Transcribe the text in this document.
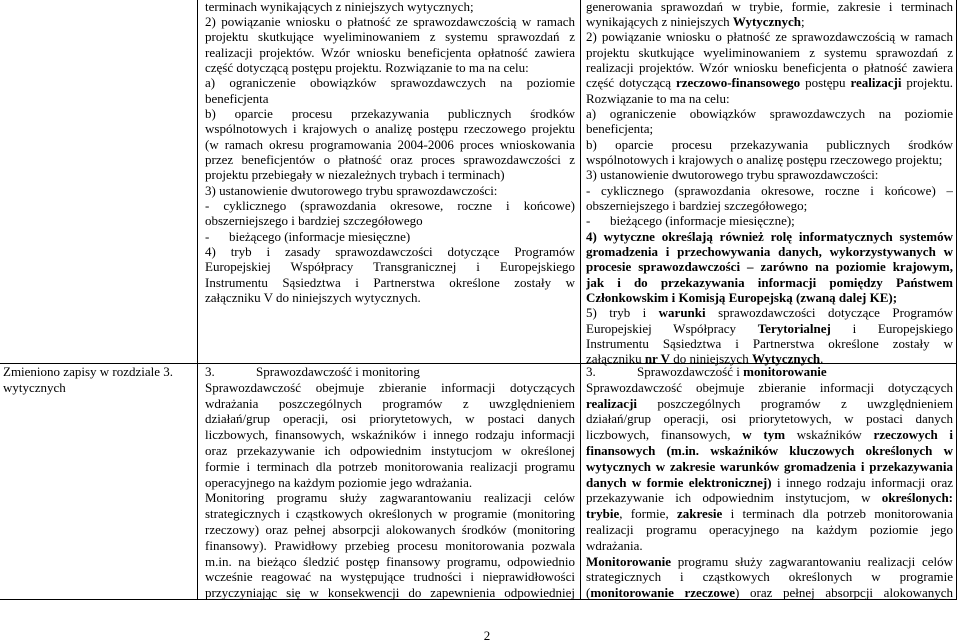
terminach wynikających z niniejszych wytycznych;
2) powiązanie wniosku o płatność ze sprawozdawczością w ramach
projektu skutkujące wyeliminowaniem z systemu sprawozdań z
realizacji projektów. Wzór wniosku beneficjenta opłatność zawiera
część dotyczącą postępu projektu. Rozwiązanie to ma na celu:
a) ograniczenie obowiązków sprawozdawczych na poziomie
beneficjenta
b) oparcie procesu przekazywania publicznych środków
wspólnotowych i krajowych o analizę postępu rzeczowego projektu
(w ramach okresu programowania 2004-2006 proces wnioskowania
przez beneficjentów o płatność oraz proces sprawozdawczości z
projektu przebiegały w niezależnych trybach i terminach)
3) ustanowienie dwutorowego trybu sprawozdawczości:
- cyklicznego (sprawozdania okresowe, roczne i końcowe)
obszerniejszego i bardziej szczegółowego
- bieżącego (informacje miesięczne)
4) tryb i zasady sprawozdawczości dotyczące Programów
Europejskiej Współpracy Transgranicznej i Europejskiego
Instrumentu Sąsiedztwa i Partnerstwa określone zostały w
załączniku V do niniejszych wytycznych.
generowania sprawozdań w trybie, formie, zakresie i terminach
wynikających z niniejszych Wytycznych;
2) powiązanie wniosku o płatność ze sprawozdawczością w ramach
projektu skutkujące wyeliminowaniem z systemu sprawozdań z
realizacji projektów. Wzór wniosku beneficjenta o płatność zawiera
część dotyczącą rzeczowo-finansowego postępu realizacji projektu.
Rozwiązanie to ma na celu:
a) ograniczenie obowiązków sprawozdawczych na poziomie
beneficjenta;
b) oparcie procesu przekazywania publicznych środków
wspólnotowych i krajowych o analizę postępu rzeczowego projektu;
3) ustanowienie dwutorowego trybu sprawozdawczości:
- cyklicznego (sprawozdania okresowe, roczne i końcowe) –
obszerniejszego i bardziej szczegółowego;
- bieżącego (informacje miesięczne);
4) wytyczne określają również rolę informatycznych systemów
gromadzenia i przechowywania danych, wykorzystywanych w
procesie sprawozdawczości – zarówno na poziomie krajowym,
jak i do przekazywania informacji pomiędzy Państwem
Członkowskim i Komisją Europejską (zwaną dalej KE);
5) tryb i warunki sprawozdawczości dotyczące Programów
Europejskiej Współpracy Terytorialnej i Europejskiego
Instrumentu Sąsiedztwa i Partnerstwa określone zostały w
załączniku nr V do niniejszych Wytycznych.
Zmieniono zapisy w rozdziale 3.
wytycznych
3.	Sprawozdawczość i monitoring
Sprawozdawczość obejmuje zbieranie informacji dotyczących
wdrażania poszczególnych programów z uwzględnieniem
działań/grup operacji, osi priorytetowych, w postaci danych
liczbowych, finansowych, wskaźników i innego rodzaju informacji
oraz przekazywanie ich odpowiednim instytucjom w określonej
formie i terminach dla potrzeb monitorowania realizacji programu
operacyjnego na każdym poziomie jego wdrażania.
Monitoring programu służy zagwarantowaniu realizacji celów
strategicznych i cząstkowych określonych w programie (monitoring
rzeczowy) oraz pełnej absorpcji alokowanych środków (monitoring
finansowy). Prawidłowy przebieg procesu monitorowania pozwala
m.in. na bieżąco śledzić postęp finansowy programu, odpowiednio
wcześnie reagować na występujące trudności i nieprawidłowości
przyczyniając się w konsekwencji do zapewnienia odpowiedniej
3.	Sprawozdawczość i monitorowanie
Sprawozdawczość obejmuje zbieranie informacji dotyczących
realizacji poszczególnych programów z uwzględnieniem
działań/grup operacji, osi priorytetowych, w postaci danych
liczbowych, finansowych, w tym wskaźników rzeczowych i
finansowych (m.in. wskaźników kluczowych określonych w
wytycznych w zakresie warunków gromadzenia i przekazywania
danych w formie elektronicznej) i innego rodzaju informacji oraz
przekazywanie ich odpowiednim instytucjom, w określonych:
trybie, formie, zakresie i terminach dla potrzeb monitorowania
realizacji programu operacyjnego na każdym poziomie jego
wdrażania.
Monitorowanie programu służy zagwarantowaniu realizacji celów
strategicznych i cząstkowych określonych w programie
(monitorowanie rzeczowe) oraz pełnej absorpcji alokowanych
2
